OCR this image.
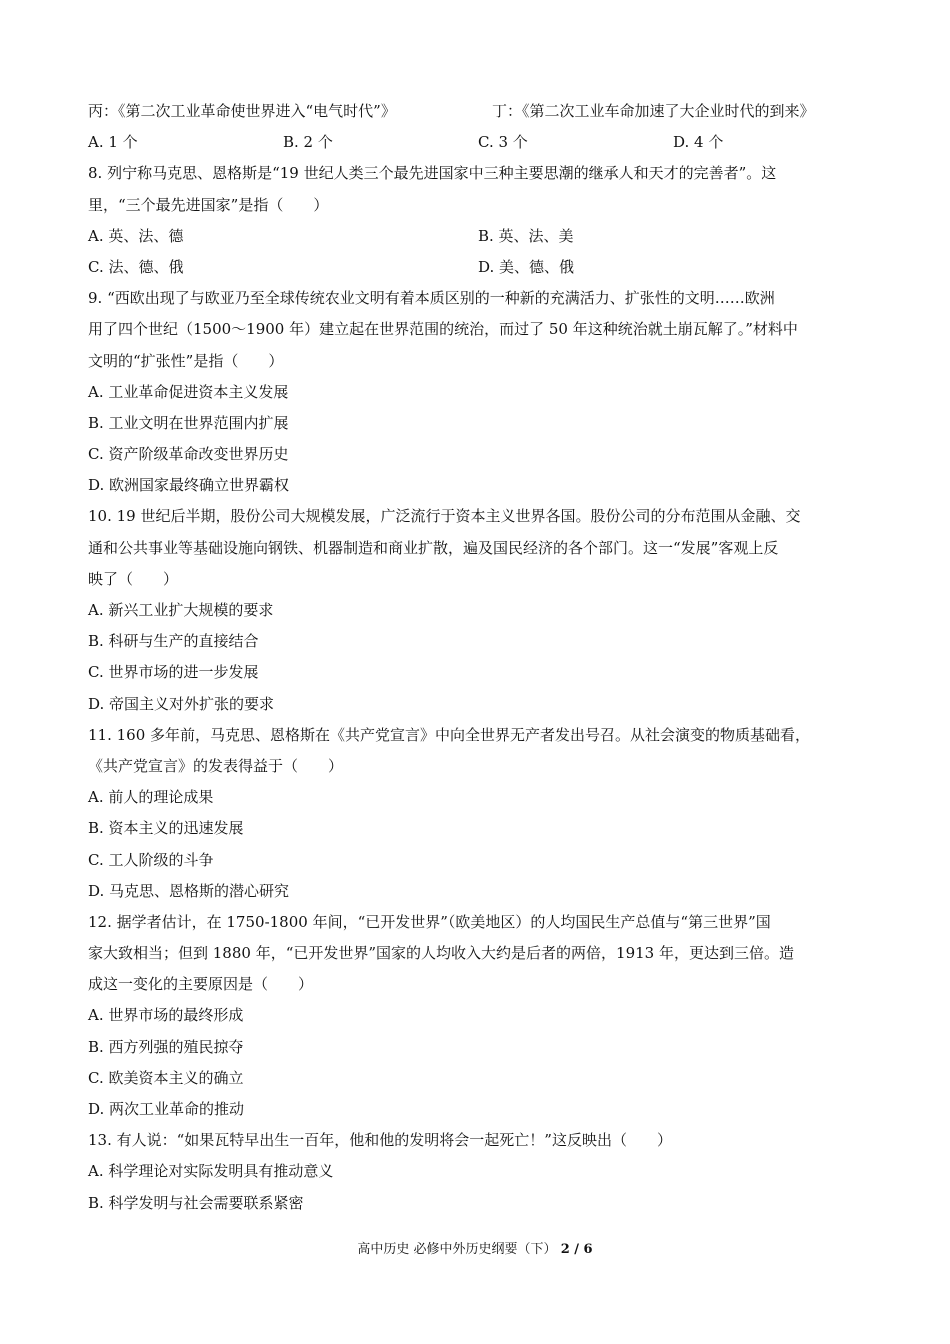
丙：《第二次工业革命使世界进入“电气时代”》	丁：《第二次工业车命加速了大企业时代的到来》
A. 1 个	B. 2 个	C. 3 个	D. 4 个
8. 列宁称马克思、恩格斯是“19 世纪人类三个最先进国家中三种主要思潮的继承人和天才的完善者”。这
里，“三个最先进国家”是指（　　）
A. 英、法、德	B. 英、法、美
C. 法、德、俄	D. 美、德、俄
9. “西欧出现了与欧亚乃至全球传统农业文明有着本质区别的一种新的充满活力、扩张性的文明……欧洲
用了四个世纪（1500～1900 年）建立起在世界范围的统治，而过了 50 年这种统治就土崩瓦解了。”材料中
文明的“扩张性”是指（　　）
A. 工业革命促进资本主义发展
B. 工业文明在世界范围内扩展
C. 资产阶级革命改变世界历史
D. 欧洲国家最终确立世界霸权
10. 19 世纪后半期，股份公司大规模发展，广泛流行于资本主义世界各国。股份公司的分布范围从金融、交
通和公共事业等基础设施向钢铁、机器制造和商业扩散，遍及国民经济的各个部门。这一“发展”客观上反
映了（　　）
A. 新兴工业扩大规模的要求
B. 科研与生产的直接结合
C. 世界市场的进一步发展
D. 帝国主义对外扩张的要求
11. 160 多年前，马克思、恩格斯在《共产党宣言》中向全世界无产者发出号召。从社会演变的物质基础看，
《共产党宣言》的发表得益于（　　）
A. 前人的理论成果
B. 资本主义的迅速发展
C. 工人阶级的斗争
D. 马克思、恩格斯的潜心研究
12. 据学者估计，在 1750-1800 年间，“已开发世界”（欧美地区）的人均国民生产总值与“第三世界”国
家大致相当；但到 1880 年，“已开发世界”国家的人均收入大约是后者的两倍，1913 年，更达到三倍。造
成这一变化的主要原因是（　　）
A. 世界市场的最终形成
B. 西方列强的殖民掠夺
C. 欧美资本主义的确立
D. 两次工业革命的推动
13. 有人说：“如果瓦特早出生一百年，他和他的发明将会一起死亡！”这反映出（　　）
A. 科学理论对实际发明具有推动意义
B. 科学发明与社会需要联系紧密
高中历史 必修中外历史纲要（下） 2 / 6
